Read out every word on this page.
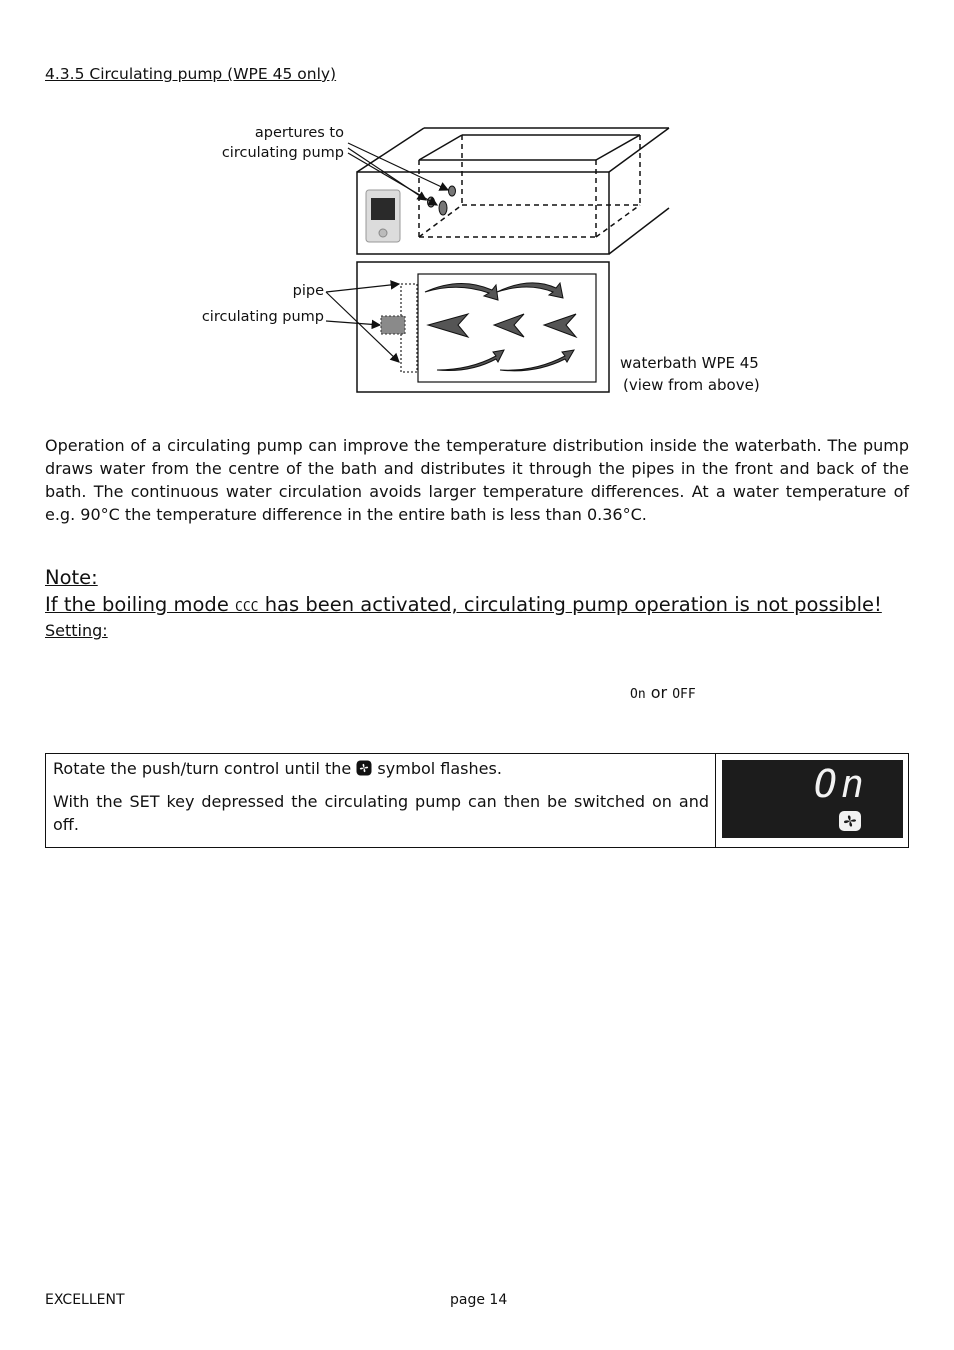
4.3.5 Circulating pump (WPE 45 only)
apertures to
circulating pump
pipe
circulating pump
waterbath WPE 45
(view from above)
Operation of a circulating pump can improve the temperature distribution inside the waterbath. The pump draws water from the centre of the bath and distributes it through the pipes in the front and back of the bath. The continuous water circulation avoids larger temperature differences. At a water temperature of e.g. 90°C the temperature difference in the entire bath is less than 0.36°C.
Note:
If the boiling mode CCC has been activated, circulating pump operation is not possible!
Setting:
On or OFF

Rotate the push/turn control until the  symbol flashes.

With the SET key depressed the circulating pump can then be switched on and off.

On
EXCELLENT	page 14
